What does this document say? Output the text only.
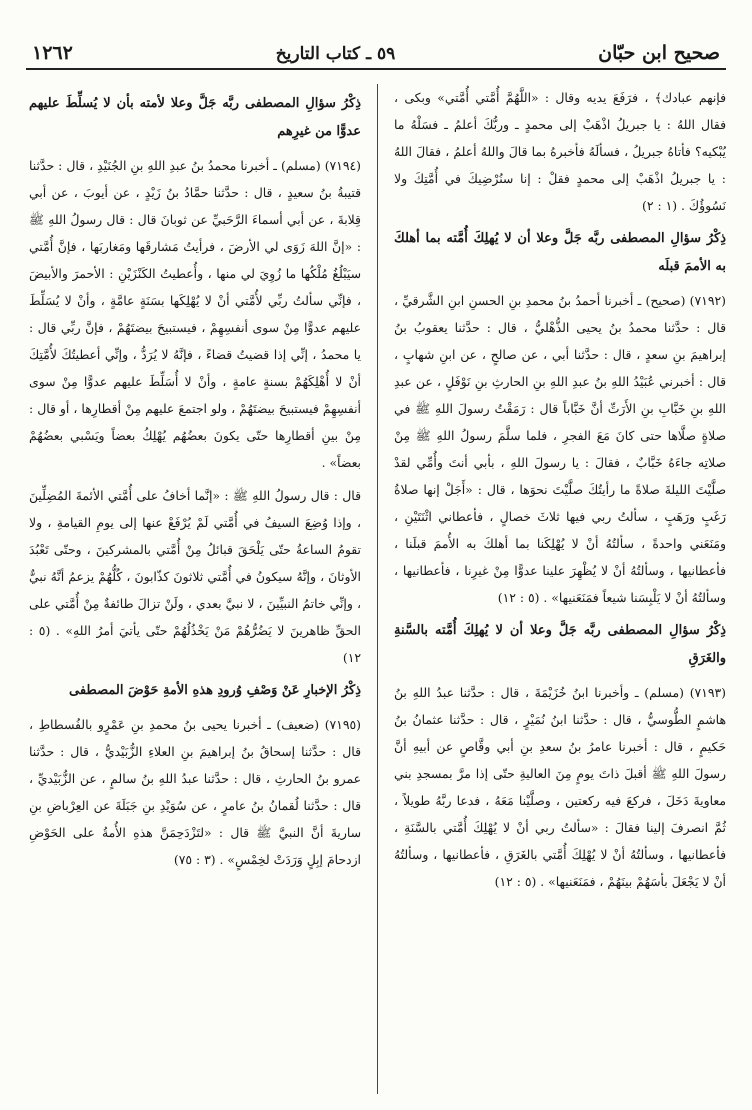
صحيح ابن حبّان
٥٩ ـ كتاب التاريخ
١٢٦٢

فإنهم عبادك﴾ ، فرَفَعَ يديه وقال : «اللَّهُمَّ أُمَّتي أُمَّتي» وبكى ، فقال اللهُ : يا جبريلُ اذْهَبْ إلى محمدٍ ـ وربُّكَ أعلمُ ـ فسَلْهُ ما يُبْكيه؟ فأتاهُ جبريلُ ، فسألَهُ فأخبرهُ بما قالَ واللهُ أعلمُ ، فقالَ اللهُ : يا جبريلُ اذْهَبْ إلى محمدٍ فقلْ : إنا سنُرْضِيكَ في أُمَّتِكَ ولا نَسُوؤُكَ . (١ : ٢)

ذِكْرُ سؤالِ المصطفى ربَّه جَلَّ وعلا أن لا يُهلِكَ أُمَّته بما أهلكَ به الأممَ قبلَه

(٧١٩٢) (صحيح) ـ أخبرنا أحمدُ بنُ محمدِ بنِ الحسنِ ابنِ الشَّرقيِّ ، قال : حدَّثنا محمدُ بنُ يحيى الذُّهْليُّ ، قال : حدَّثنا يعقوبُ بنُ إبراهيمَ بنِ سعدٍ ، قال : حدَّثنا أبي ، عن صالحٍ ، عن ابنِ شهابٍ ، قال : أخبرني عُبَيْدُ اللهِ بنُ عبدِ اللهِ بنِ الحارثِ بنِ نَوْفَلٍ ، عن عبدِ اللهِ بنِ خَبَّابِ بنِ الأَرَتِّ أنَّ خَبَّاباً قال : رَمَقْتُ رسولَ اللهِ ﷺ في صلاةٍ صلَّاها حتى كانَ مَعَ الفجرِ ، فلما سلَّمَ رسولُ اللهِ ﷺ مِنْ صلاتِه جاءَهُ خَبَّابٌ ، فقالَ : يا رسولَ اللهِ ، بأبي أنتَ وأُمِّي لقدْ صلَّيْتَ الليلةَ صلاةً ما رأيتُكَ صلَّيْتَ نحوَها ، قال : «أَجَلْ إنها صلاةُ رَغَبٍ ورَهَبٍ ، سألتُ ربي فيها ثلاثَ خصالٍ ، فأعطاني اثْنَتَيْنِ ، ومَنَعَني واحدةً ، سألتُهُ أنْ لا يُهْلِكَنا بما أهلكَ به الأُممَ قبلَنا ، فأعطانيها ، وسألتُهُ أنْ لا يُظْهِرَ علينا عدوًّا مِنْ غيرِنا ، فأعطانيها ، وسألتُهُ أنْ لا يَلْبِسَنا شيعاً فمَنَعَنيها» . (٥ : ١٢)

ذِكْرُ سؤالِ المصطفى ربَّه جَلَّ وعلا أن لا يُهلِكَ أُمَّته بالسَّنةِ والغَرَقِ

(٧١٩٣) (مسلم) ـ وأخبرنا ابنُ خُزَيْمَةَ ، قال : حدَّثنا عبدُ اللهِ بنُ هاشمٍ الطُّوسيُّ ، قال : حدَّثنا ابنُ نُمَيْرٍ ، قال : حدَّثنا عثمانُ بنُ حَكيمٍ ، قال : أخبرنا عامرُ بنُ سعدِ بنِ أبي وقَّاصٍ عن أبيهِ أنَّ رسولَ اللهِ ﷺ أقبلَ ذاتَ يومٍ مِنَ العاليةِ حتّى إذا مرَّ بمسجدِ بني معاويةَ دَخَلَ ، فركعَ فيه ركعتين ، وصلَّيْنا مَعَهُ ، فدعا ربَّهُ طويلاً ، ثُمَّ انصرفَ إلينا فقالَ : «سألتُ ربي أنْ لا يُهْلِكَ أُمَّتي بالسَّنَةِ ، فأعطانيها ، وسألتُهُ أنْ لا يُهْلِكَ أُمَّتي بالغَرَقِ ، فأعطانيها ، وسألتُهُ أنْ لا يَجْعَلَ بأسَهُمْ بينَهُمْ ، فمَنَعَنيها» . (٥ : ١٢)

ذِكْرُ سؤالِ المصطفى ربَّه جَلَّ وعلا لأمته بأن لا يُسلِّطَ عليهم عدوًّا من غيرِهم

(٧١٩٤) (مسلم) ـ أخبرنا محمدُ بنُ عبدِ اللهِ بنِ الجُنَيْدِ ، قال : حدَّثنا قتيبةُ بنُ سعيدٍ ، قال : حدَّثنا حمَّادُ بنُ زَيْدٍ ، عن أيوبَ ، عن أبي قِلابةَ ، عن أبي أسماءَ الرَّحَبيِّ عن ثوبانَ قال : قال رسولُ اللهِ ﷺ : «إنَّ اللهَ زَوَى لي الأرضَ ، فرأيتُ مَشارقَها ومَغاربَها ، فإنَّ أُمَّتي سيَبْلُغُ مُلْكُها ما زُوِيَ لي منها ، وأُعطيتُ الكَنْزَيْنِ : الأحمرَ والأبيضَ ، فإنِّي سألتُ ربِّي لأُمَّتي أنْ لا يُهْلِكَها بسَنَةٍ عامَّةٍ ، وأنْ لا يُسَلِّطَ عليهم عدوًّا مِنْ سوى أنفسِهِمْ ، فيستبيحَ بيضتَهُمْ ، فإنَّ ربِّي قال : يا محمدُ ، إنِّي إذا قضيتُ قضاءً ، فإنَّهُ لا يُرَدُّ ، وإنِّي أعطيتُكَ لأُمَّتِكَ أنْ لا أُهْلِكَهُمْ بسنةٍ عامةٍ ، وأنْ لا أُسَلِّطَ عليهم عدوًّا مِنْ سوى أنفسِهِمْ فيستبيحَ بيضتَهُمْ ، ولو اجتمعَ عليهم مِنْ أقطارِها ، أو قال : مِنْ بينِ أقطارِها حتّى يكونَ بعضُهُم يُهْلِكُ بعضاً ويَسْبي بعضُهُمْ بعضاً» .

قال : قال رسولُ اللهِ ﷺ : «إنَّما أخافُ على أُمَّتي الأئمةَ المُضِلِّينَ ، وإذا وُضِعَ السيفُ في أُمَّتي لَمْ يُرْفَعْ عنها إلى يومِ القيامةِ ، ولا تقومُ الساعةُ حتّى يَلْحَقَ قبائلُ مِنْ أُمَّتي بالمشركينَ ، وحتّى تَعْبُدَ الأوثانَ ، وإنَّهُ سيكونُ في أُمَّتي ثلاثونَ كذّابونَ ، كُلُّهُمْ يزعمُ أنَّهُ نبيٌّ ، وإنِّي خاتمُ النبيِّينَ ، لا نبيَّ بعدي ، ولَنْ تزالَ طائفةٌ مِنْ أُمَّتي على الحقِّ ظاهرينَ لا يَضُرُّهُمْ مَنْ يَخْذُلُهُمْ حتّى يأتيَ أمرُ اللهِ» . (٥ : ١٢)

ذِكْرُ الإخبارِ عَنْ وَصْفِ وُرودِ هذهِ الأمةِ حَوْضَ المصطفى

(٧١٩٥) (ضعيف) ـ أخبرنا يحيى بنُ محمدِ بنِ عَمْرٍو بالفُسطاطِ ، قال : حدَّثنا إسحاقُ بنُ إبراهيمَ بنِ العلاءِ الزُّبَيْديُّ ، قال : حدَّثنا عمرو بنُ الحارثِ ، قال : حدَّثنا عبدُ اللهِ بنُ سالمٍ ، عن الزُّبَيْديِّ ، قال : حدَّثنا لُقمانُ بنُ عامرٍ ، عن سُوَيْدِ بنِ جَبَلَةَ عن العِرْباضِ بنِ ساريةَ أنَّ النبيَّ ﷺ قال : «لتَزْدَحِمَنَّ هذهِ الأُمةُ على الحَوْضِ ازدحامَ إبِلٍ وَرَدَتْ لخِمْسٍ» . (٣ : ٧٥)
